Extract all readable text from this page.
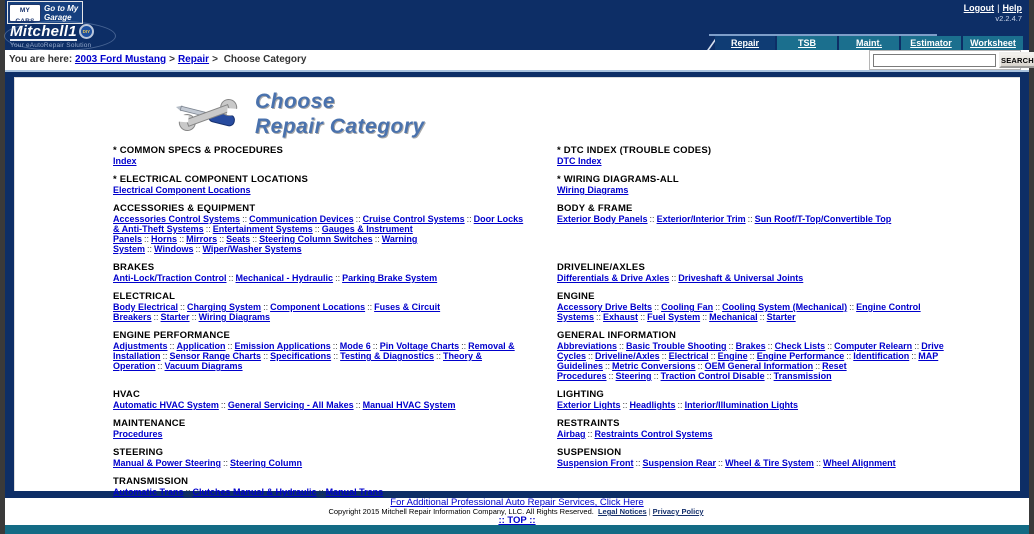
MY CARS
Go to My
Garage
Logout | Help
v2.2.4.7
Mitchell1 DIY
Your eAutoRepair Solution	Repair	TSB	Maint.	Estimator	Worksheet
You are here: 2003 Ford Mustang > Repair > Choose Category	SEARCH
Choose
Repair Category
* COMMON SPECS & PROCEDURES
Index
* DTC INDEX (TROUBLE CODES)
DTC Index
* ELECTRICAL COMPONENT LOCATIONS
Electrical Component Locations
* WIRING DIAGRAMS-ALL
Wiring Diagrams
ACCESSORIES & EQUIPMENT
Accessories Control Systems :: Communication Devices :: Cruise Control Systems :: Door Locks & Anti-Theft Systems :: Entertainment Systems :: Gauges & Instrument Panels :: Horns :: Mirrors :: Seats :: Steering Column Switches :: Warning System :: Windows :: Wiper/Washer Systems
BODY & FRAME
Exterior Body Panels :: Exterior/Interior Trim :: Sun Roof/T-Top/Convertible Top
BRAKES
Anti-Lock/Traction Control :: Mechanical - Hydraulic :: Parking Brake System
DRIVELINE/AXLES
Differentials & Drive Axles :: Driveshaft & Universal Joints
ELECTRICAL
Body Electrical :: Charging System :: Component Locations :: Fuses & Circuit Breakers :: Starter :: Wiring Diagrams
ENGINE
Accessory Drive Belts :: Cooling Fan :: Cooling System (Mechanical) :: Engine Control Systems :: Exhaust :: Fuel System :: Mechanical :: Starter
ENGINE PERFORMANCE
Adjustments :: Application :: Emission Applications :: Mode 6 :: Pin Voltage Charts :: Removal & Installation :: Sensor Range Charts :: Specifications :: Testing & Diagnostics :: Theory & Operation :: Vacuum Diagrams
GENERAL INFORMATION
Abbreviations :: Basic Trouble Shooting :: Brakes :: Check Lists :: Computer Relearn :: Drive Cycles :: Driveline/Axles :: Electrical :: Engine :: Engine Performance :: Identification :: MAP Guidelines :: Metric Conversions :: OEM General Information :: Reset Procedures :: Steering :: Traction Control Disable :: Transmission
HVAC
Automatic HVAC System :: General Servicing - All Makes :: Manual HVAC System
LIGHTING
Exterior Lights :: Headlights :: Interior/Illumination Lights
MAINTENANCE
Procedures
RESTRAINTS
Airbag :: Restraints Control Systems
STEERING
Manual & Power Steering :: Steering Column
SUSPENSION
Suspension Front :: Suspension Rear :: Wheel & Tire System :: Wheel Alignment
TRANSMISSION
Automatic Trans :: Clutches Manual & Hydraulic :: Manual Trans
For Additional Professional Auto Repair Services, Click Here
Copyright 2015 Mitchell Repair Information Company, LLC. All Rights Reserved. Legal Notices | Privacy Policy
:: TOP ::
